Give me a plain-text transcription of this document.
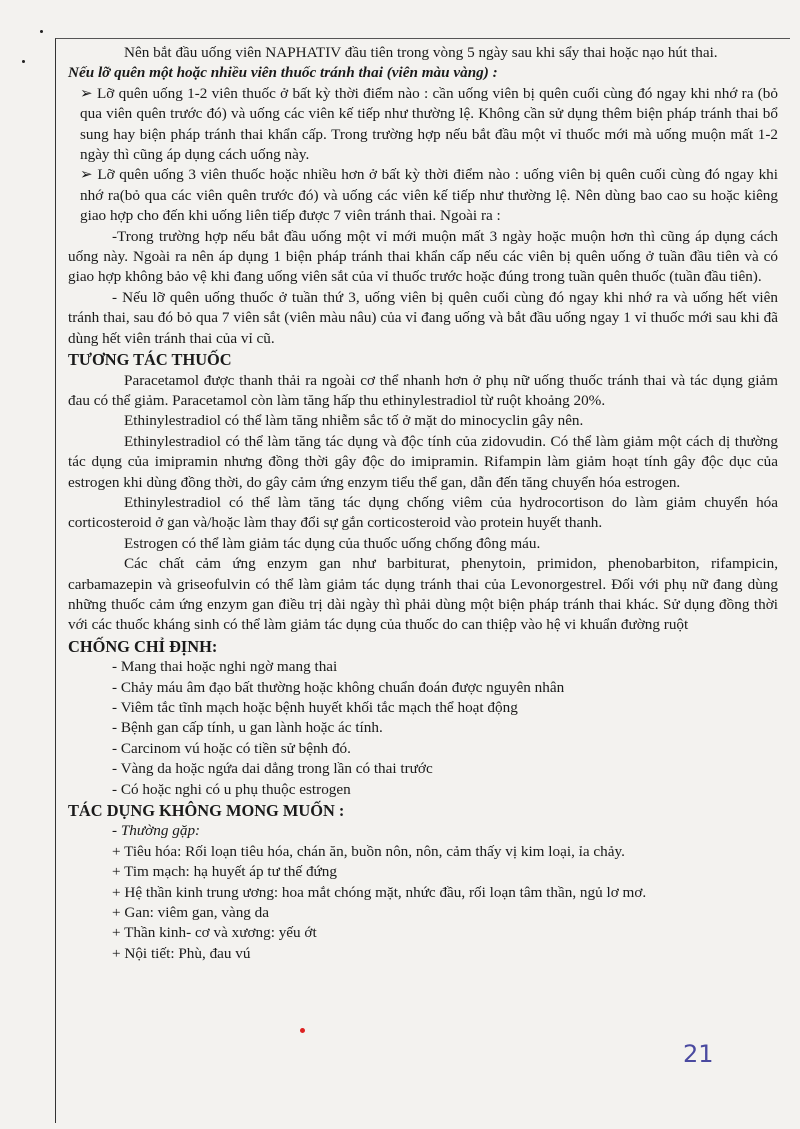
Nên bắt đầu uống viên NAPHATIV đầu tiên trong vòng 5 ngày sau khi sẩy thai hoặc nạo hút thai.

Nếu lỡ quên một hoặc nhiều viên thuốc tránh thai (viên màu vàng) :

➢ Lỡ quên uống 1-2 viên thuốc ở bất kỳ thời điểm nào : cần uống viên bị quên cuối cùng đó ngay khi nhớ ra (bỏ qua viên quên trước đó) và uống các viên kế tiếp như thường lệ. Không cần sử dụng thêm biện pháp tránh thai bổ sung hay biện pháp tránh thai khẩn cấp. Trong trường hợp nếu bắt đầu một vỉ thuốc mới mà uống muộn mất 1-2 ngày thì cũng áp dụng cách uống này.

➢ Lỡ quên uống 3 viên thuốc hoặc nhiều hơn ở bất kỳ thời điểm nào : uống viên bị quên cuối cùng đó ngay khi nhớ ra(bỏ qua các viên quên trước đó) và uống các viên kế tiếp như thường lệ. Nên dùng bao cao su hoặc kiêng giao hợp cho đến khi uống liên tiếp được 7 viên tránh thai. Ngoài ra :

-Trong trường hợp nếu bắt đầu uống một vỉ mới muộn mất 3 ngày hoặc muộn hơn thì cũng áp dụng cách uống này. Ngoài ra nên áp dụng 1 biện pháp tránh thai khẩn cấp nếu các viên bị quên uống ở tuần đầu tiên và có giao hợp không bảo vệ khi đang uống viên sắt của vỉ thuốc trước hoặc đúng trong tuần quên thuốc (tuần đầu tiên).

- Nếu lỡ quên uống thuốc ở tuần thứ 3, uống viên bị quên cuối cùng đó ngay khi nhớ ra và uống hết viên tránh thai, sau đó bỏ qua 7 viên sắt (viên màu nâu) của vỉ đang uống và bắt đầu uống ngay 1 vỉ thuốc mới sau khi đã dùng hết viên tránh thai của vỉ cũ.

TƯƠNG TÁC THUỐC

Paracetamol được thanh thải ra ngoài cơ thể nhanh hơn ở phụ nữ uống thuốc tránh thai và tác dụng giảm đau có thể giảm. Paracetamol còn làm tăng hấp thu ethinylestradiol từ ruột khoảng 20%.

Ethinylestradiol có thể làm tăng nhiễm sắc tố ở mặt do minocyclin gây nên.

Ethinylestradiol có thể làm tăng tác dụng và độc tính của zidovudin. Có thể làm giảm một cách dị thường tác dụng của imipramin nhưng đồng thời gây độc do imipramin. Rifampin làm giảm hoạt tính gây độc dục của estrogen khi dùng đồng thời, do gây cảm ứng enzym tiểu thể gan, dẫn đến tăng chuyển hóa estrogen.

Ethinylestradiol có thể làm tăng tác dụng chống viêm của hydrocortison do làm giảm chuyển hóa corticosteroid ở gan và/hoặc làm thay đổi sự gắn corticosteroid vào protein huyết thanh.

Estrogen có thể làm giảm tác dụng của thuốc uống chống đông máu.

Các chất cảm ứng enzym gan như barbiturat, phenytoin, primidon, phenobarbiton, rifampicin, carbamazepin và griseofulvin có thể làm giảm tác dụng tránh thai của Levonorgestrel. Đối với phụ nữ đang dùng những thuốc cảm ứng enzym gan điều trị dài ngày thì phải dùng một biện pháp tránh thai khác. Sử dụng đồng thời với các thuốc kháng sinh có thể làm giảm tác dụng của thuốc do can thiệp vào hệ vi khuẩn đường ruột

CHỐNG CHỈ ĐỊNH:

- Mang thai hoặc nghi ngờ mang thai

- Chảy máu âm đạo bất thường hoặc không chuẩn đoán được nguyên nhân

- Viêm tắc tĩnh mạch hoặc bệnh huyết khối tắc mạch thể hoạt động

- Bệnh gan cấp tính, u gan lành hoặc ác tính.

- Carcinom vú hoặc có tiền sử bệnh đó.

- Vàng da hoặc ngứa dai dẳng trong lần có thai trước

- Có hoặc nghi có u phụ thuộc estrogen

TÁC DỤNG KHÔNG MONG MUỐN :

- Thường gặp:

+ Tiêu hóa: Rối loạn tiêu hóa, chán ăn, buồn nôn, nôn, cảm thấy vị kim loại, ỉa chảy.

+ Tim mạch: hạ huyết áp tư thế đứng

+ Hệ thần kinh trung ương: hoa mắt chóng mặt, nhức đầu, rối loạn tâm thần, ngủ lơ mơ.

+ Gan: viêm gan, vàng da

+ Thần kinh- cơ và xương: yếu ớt

+ Nội tiết: Phù, đau vú

21
